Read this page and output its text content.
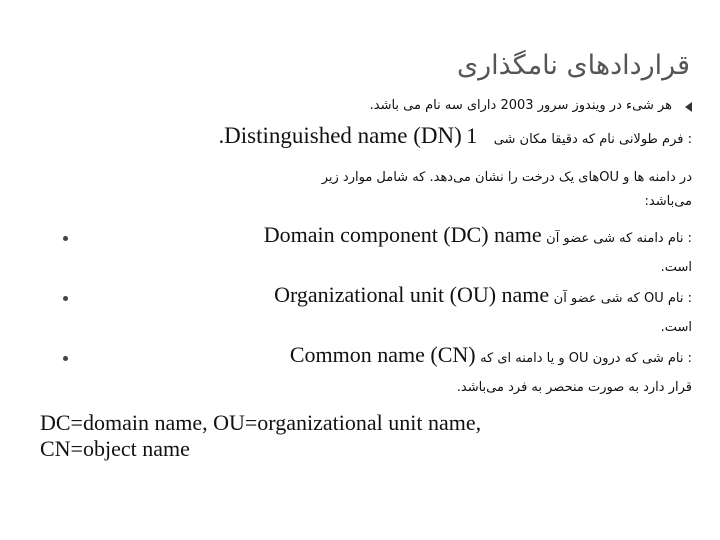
قراردادهای نامگذاری
هر شیء در ویندوز سرور 2003 دارای سه نام می باشد.
: فرم طولانی نام که دقیقا مکان شی Distinguished name (DN) 1.
در دامنه ها و OUهای یک درخت را نشان می‌دهد. که شامل موارد زیر
می‌باشد:
: نام دامنه که شی عضو آن Domain component (DC) name
است.
: نام OU که شی عضو آن Organizational unit (OU) name
است.
: نام شی که درون OU و یا دامنه ای که Common name (CN)
قرار دارد به صورت منحصر به فرد می‌باشد.
DC=domain name, OU=organizational unit name,
CN=object name
